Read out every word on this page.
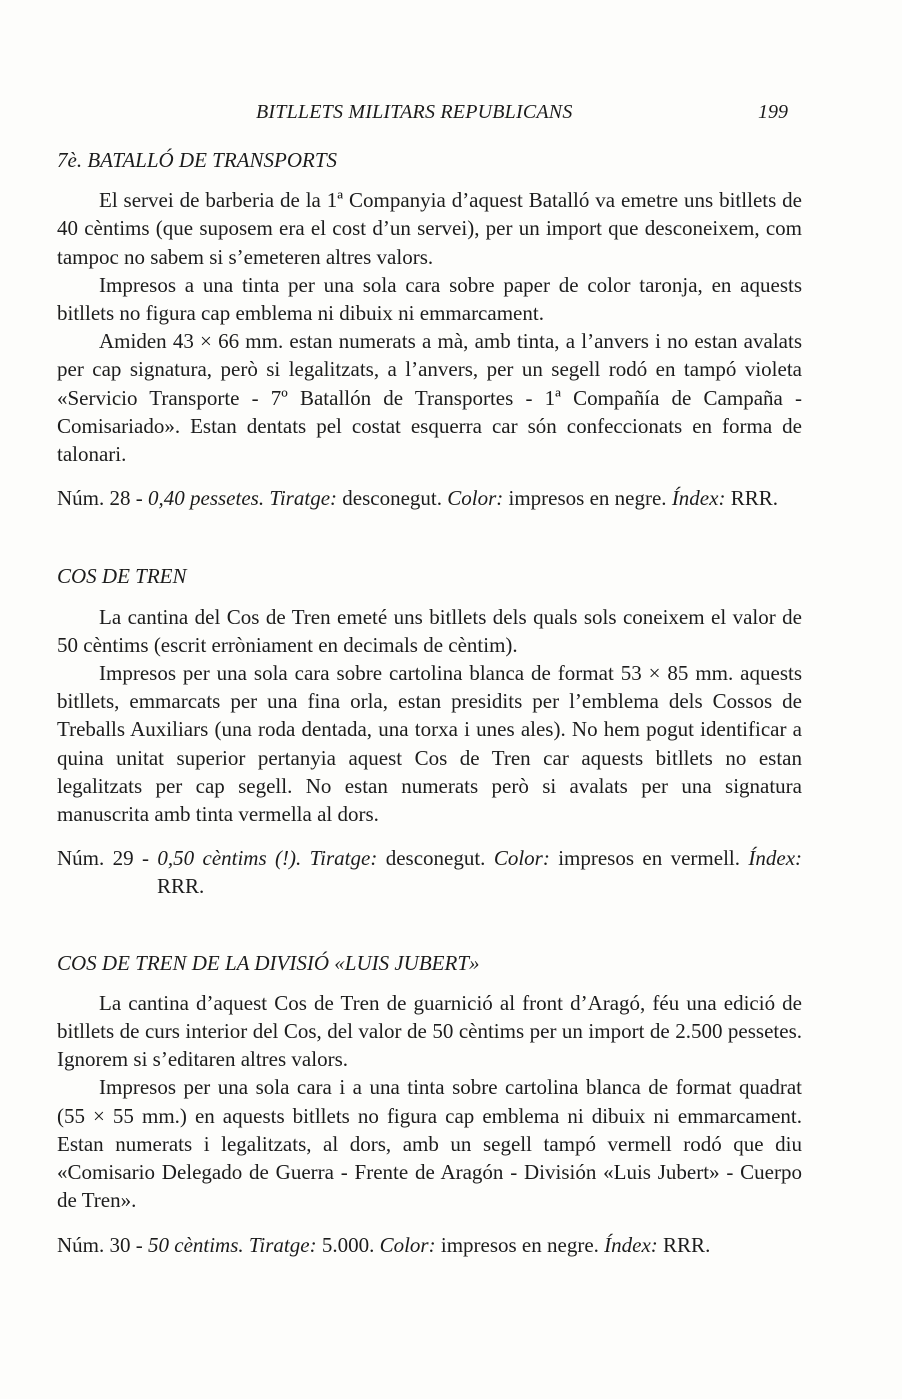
BITLLETS MILITARS REPUBLICANS	199
7è. BATALLÓ DE TRANSPORTS

El servei de barberia de la 1ª Companyia d’aquest Batalló va emetre uns bitllets de 40 cèntims (que suposem era el cost d’un servei), per un import que desconeixem, com tampoc no sabem si s’emeteren altres valors.

Impresos a una tinta per una sola cara sobre paper de color taronja, en aquests bitllets no figura cap emblema ni dibuix ni emmarcament.

Amiden 43 × 66 mm. estan numerats a mà, amb tinta, a l’anvers i no estan avalats per cap signatura, però si legalitzats, a l’anvers, per un segell rodó en tampó violeta «Servicio Transporte - 7º Batallón de Transportes - 1ª Compañía de Campaña - Comisariado». Estan dentats pel costat esquerra car són confeccionats en forma de talonari.

Núm. 28 - 0,40 pessetes. Tiratge: desconegut. Color: impresos en negre. Índex: RRR.

COS DE TREN

La cantina del Cos de Tren emeté uns bitllets dels quals sols coneixem el valor de 50 cèntims (escrit erròniament en decimals de cèntim).

Impresos per una sola cara sobre cartolina blanca de format 53 × 85 mm. aquests bitllets, emmarcats per una fina orla, estan presidits per l’emblema dels Cossos de Treballs Auxiliars (una roda dentada, una torxa i unes ales). No hem pogut identificar a quina unitat superior pertanyia aquest Cos de Tren car aquests bitllets no estan legalitzats per cap segell. No estan numerats però si avalats per una signatura manuscrita amb tinta vermella al dors.

Núm. 29 - 0,50 cèntims (!). Tiratge: desconegut. Color: impresos en vermell. Índex: RRR.

COS DE TREN DE LA DIVISIÓ «LUIS JUBERT»

La cantina d’aquest Cos de Tren de guarnició al front d’Aragó, féu una edició de bitllets de curs interior del Cos, del valor de 50 cèntims per un import de 2.500 pessetes. Ignorem si s’editaren altres valors.

Impresos per una sola cara i a una tinta sobre cartolina blanca de format quadrat (55 × 55 mm.) en aquests bitllets no figura cap emblema ni dibuix ni emmarcament. Estan numerats i legalitzats, al dors, amb un segell tampó vermell rodó que diu «Comisario Delegado de Guerra - Frente de Aragón - División «Luis Jubert» - Cuerpo de Tren».

Núm. 30 - 50 cèntims. Tiratge: 5.000. Color: impresos en negre. Índex: RRR.
